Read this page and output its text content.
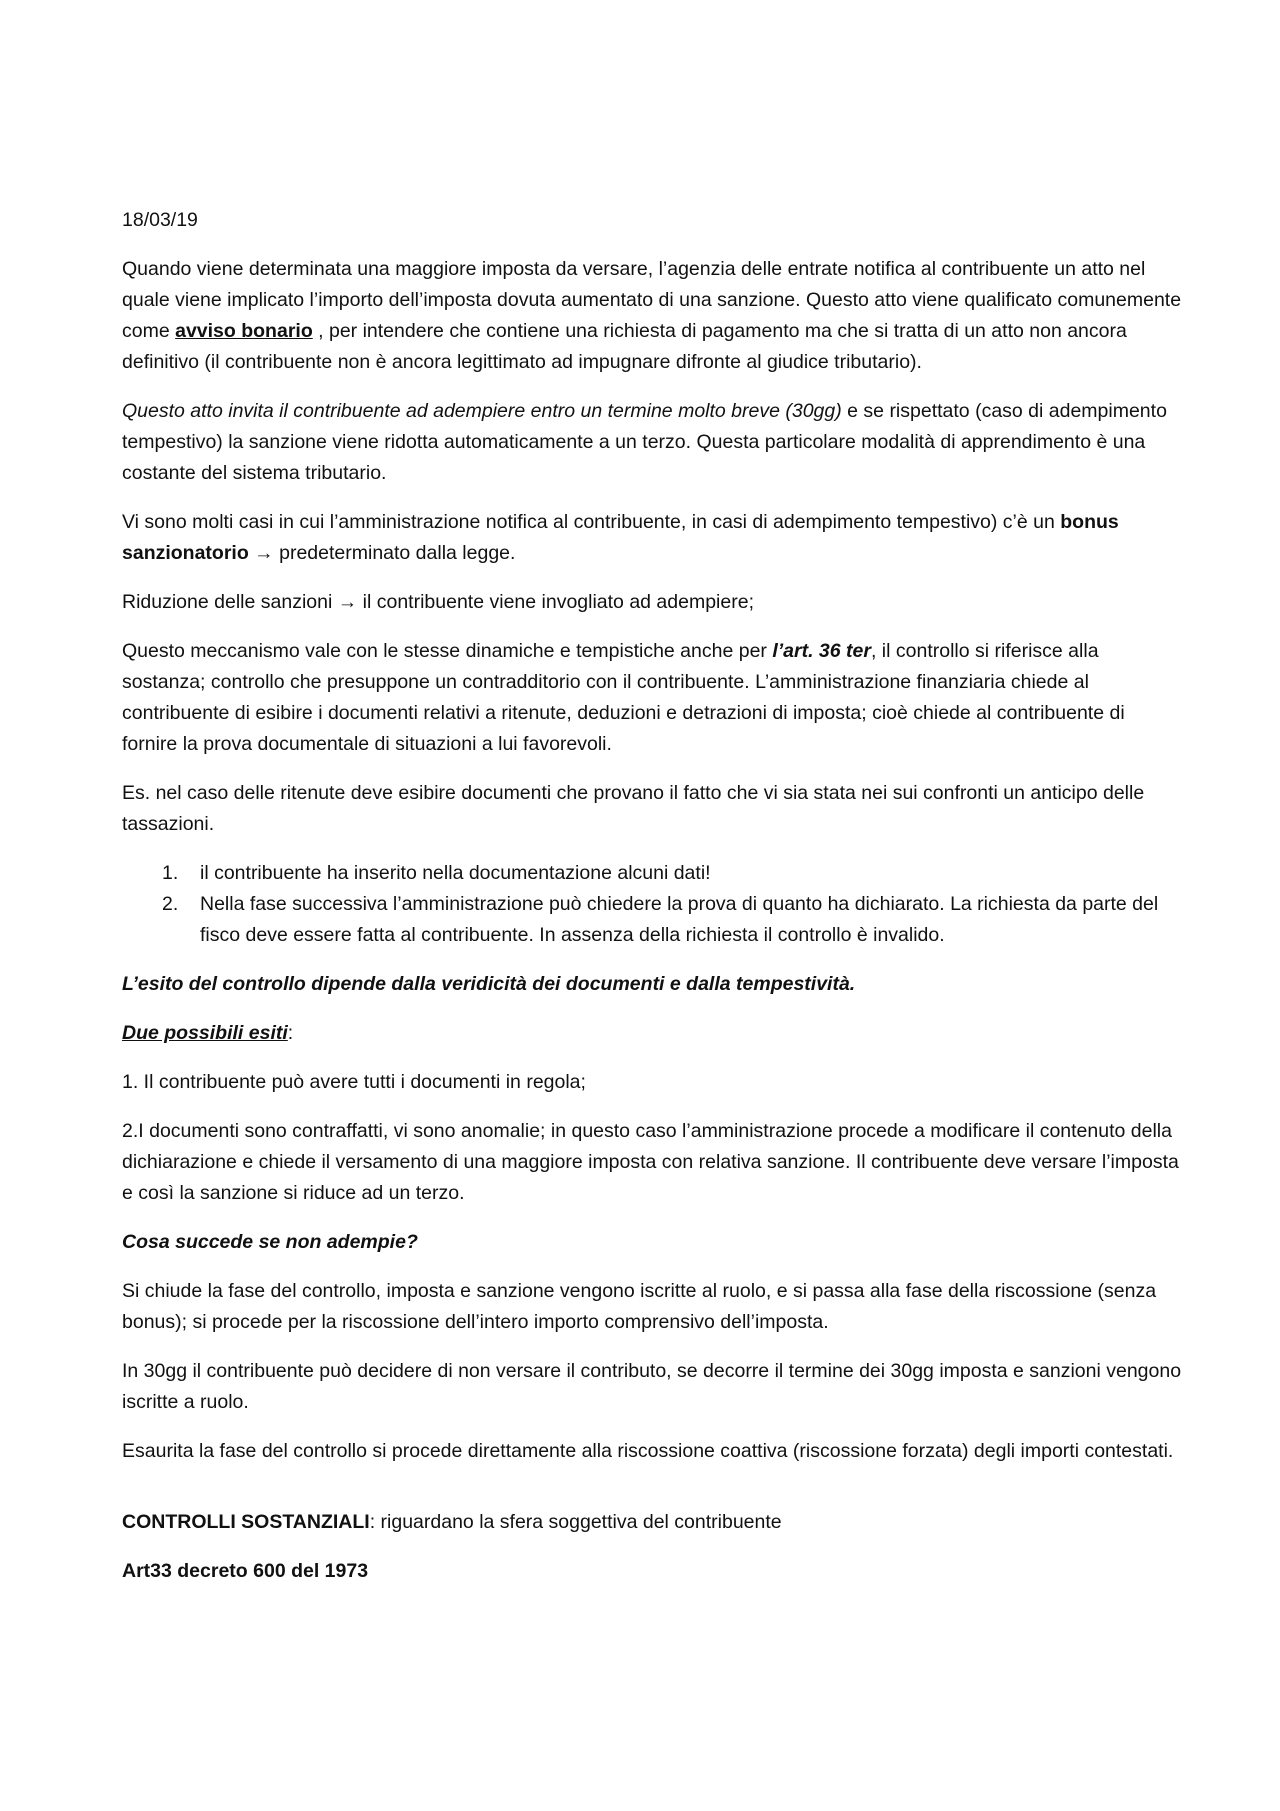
18/03/19

Quando viene determinata una maggiore imposta da versare, l’agenzia delle entrate notifica al contribuente un atto nel quale viene implicato l’importo dell’imposta dovuta aumentato di una sanzione. Questo atto viene qualificato comunemente come avviso bonario , per intendere che contiene una richiesta di pagamento ma che si tratta di un atto non ancora definitivo (il contribuente non è ancora legittimato ad impugnare difronte al giudice tributario).

Questo atto invita il contribuente ad adempiere entro un termine molto breve (30gg) e se rispettato (caso di adempimento tempestivo) la sanzione viene ridotta automaticamente a un terzo. Questa particolare modalità di apprendimento è una costante del sistema tributario.

Vi sono molti casi in cui l’amministrazione notifica al contribuente, in casi di adempimento tempestivo) c’è un bonus sanzionatorio → predeterminato dalla legge.

Riduzione delle sanzioni → il contribuente viene invogliato ad adempiere;

Questo meccanismo vale con le stesse dinamiche e tempistiche anche per l’art. 36 ter, il controllo si riferisce alla sostanza; controllo che presuppone un contradditorio con il contribuente. L’amministrazione finanziaria chiede al contribuente di esibire i documenti relativi a ritenute, deduzioni e detrazioni di imposta; cioè chiede al contribuente di fornire la prova documentale di situazioni a lui favorevoli.

Es. nel caso delle ritenute deve esibire documenti che provano il fatto che vi sia stata nei sui confronti un anticipo delle tassazioni.

1. il contribuente ha inserito nella documentazione alcuni dati!
2. Nella fase successiva l’amministrazione può chiedere la prova di quanto ha dichiarato. La richiesta da parte del fisco deve essere fatta al contribuente. In assenza della richiesta il controllo è invalido.

L’esito del controllo dipende dalla veridicità dei documenti e dalla tempestività.

Due possibili esiti:

1. Il contribuente può avere tutti i documenti in regola;

2.I documenti sono contraffatti, vi sono anomalie; in questo caso l’amministrazione procede a modificare il contenuto della dichiarazione e chiede il versamento di una maggiore imposta con relativa sanzione. Il contribuente deve versare l’imposta e così la sanzione si riduce ad un terzo.

Cosa succede se non adempie?

Si chiude la fase del controllo, imposta e sanzione vengono iscritte al ruolo, e si passa alla fase della riscossione (senza bonus); si procede per la riscossione dell’intero importo comprensivo dell’imposta.

In 30gg il contribuente può decidere di non versare il contributo, se decorre il termine dei 30gg imposta e sanzioni vengono iscritte a ruolo.

Esaurita la fase del controllo si procede direttamente alla riscossione coattiva (riscossione forzata) degli importi contestati.

CONTROLLI SOSTANZIALI: riguardano la sfera soggettiva del contribuente

Art33 decreto 600 del 1973
